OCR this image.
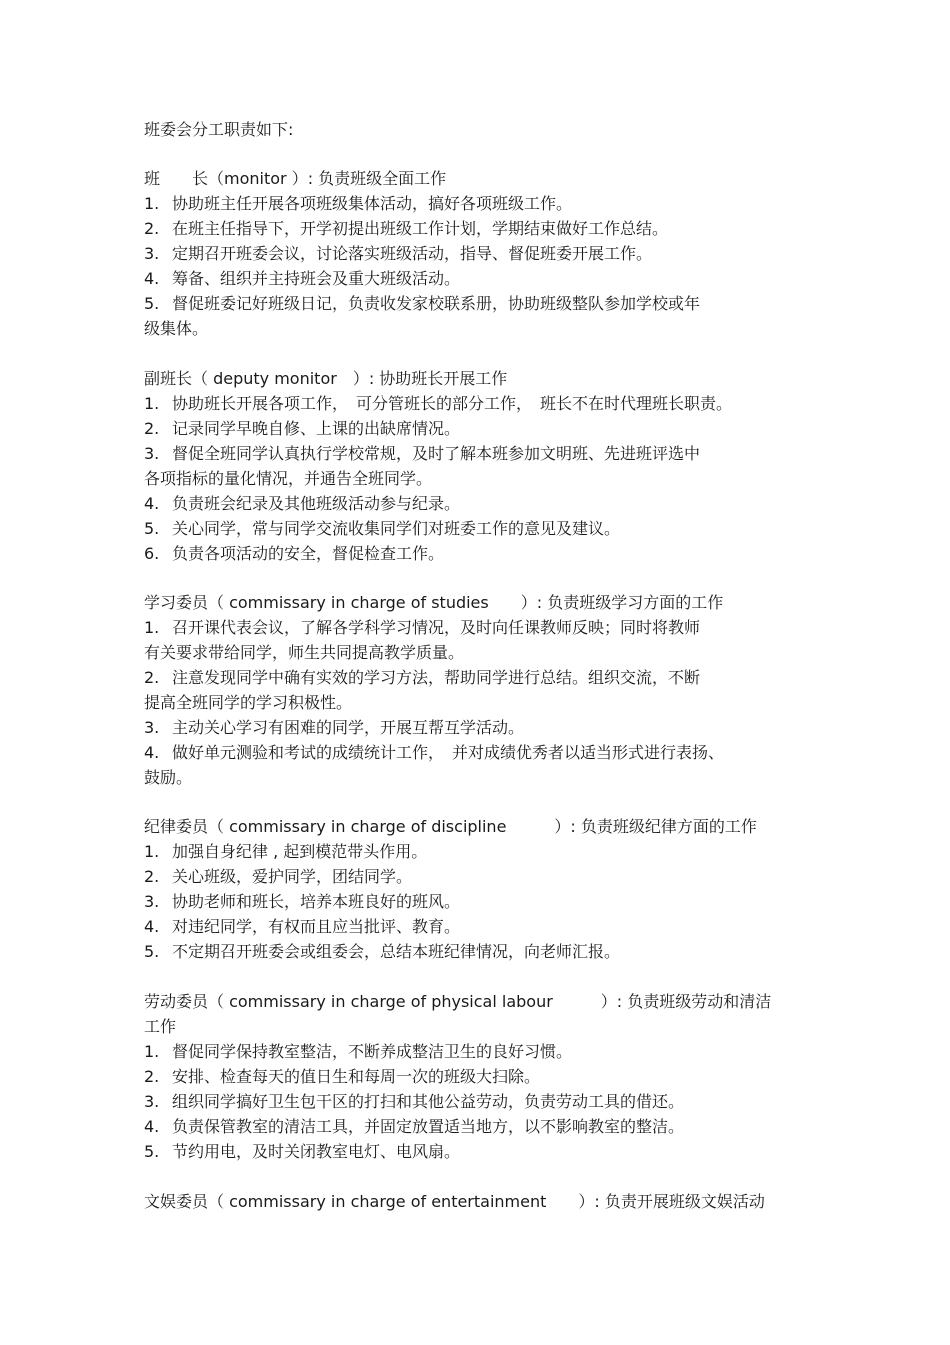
班委会分工职责如下:
班　　长（monitor ）: 负责班级全面工作
1. 协助班主任开展各项班级集体活动，搞好各项班级工作。
2. 在班主任指导下，开学初提出班级工作计划，学期结束做好工作总结。
3. 定期召开班委会议，讨论落实班级活动，指导、督促班委开展工作。
4. 筹备、组织并主持班会及重大班级活动。
5. 督促班委记好班级日记，负责收发家校联系册，协助班级整队参加学校或年
级集体。
副班长（ deputy monitor　）: 协助班长开展工作
1. 协助班长开展各项工作，　可分管班长的部分工作，　班长不在时代理班长职责。
2. 记录同学早晚自修、上课的出缺席情况。
3. 督促全班同学认真执行学校常规，及时了解本班参加文明班、先进班评选中
各项指标的量化情况，并通告全班同学。
4. 负责班会纪录及其他班级活动参与纪录。
5. 关心同学，常与同学交流收集同学们对班委工作的意见及建议。
6. 负责各项活动的安全，督促检查工作。
学习委员（ commissary in charge of studies　　）: 负责班级学习方面的工作
1. 召开课代表会议，了解各学科学习情况，及时向任课教师反映；同时将教师
有关要求带给同学，师生共同提高教学质量。
2. 注意发现同学中确有实效的学习方法，帮助同学进行总结。组织交流，不断
提高全班同学的学习积极性。
3. 主动关心学习有困难的同学，开展互帮互学活动。
4. 做好单元测验和考试的成绩统计工作，　并对成绩优秀者以适当形式进行表扬、
鼓励。
纪律委员（ commissary in charge of discipline　　　）: 负责班级纪律方面的工作
1. 加强自身纪律 , 起到模范带头作用。
2. 关心班级，爱护同学，团结同学。
3. 协助老师和班长，培养本班良好的班风。
4. 对违纪同学，有权而且应当批评、教育。
5. 不定期召开班委会或组委会，总结本班纪律情况，向老师汇报。
劳动委员（ commissary in charge of physical labour　　　）: 负责班级劳动和清洁
工作
1. 督促同学保持教室整洁，不断养成整洁卫生的良好习惯。
2. 安排、检查每天的值日生和每周一次的班级大扫除。
3. 组织同学搞好卫生包干区的打扫和其他公益劳动，负责劳动工具的借还。
4. 负责保管教室的清洁工具，并固定放置适当地方，以不影响教室的整洁。
5. 节约用电，及时关闭教室电灯、电风扇。
文娱委员（ commissary in charge of entertainment　　）: 负责开展班级文娱活动
